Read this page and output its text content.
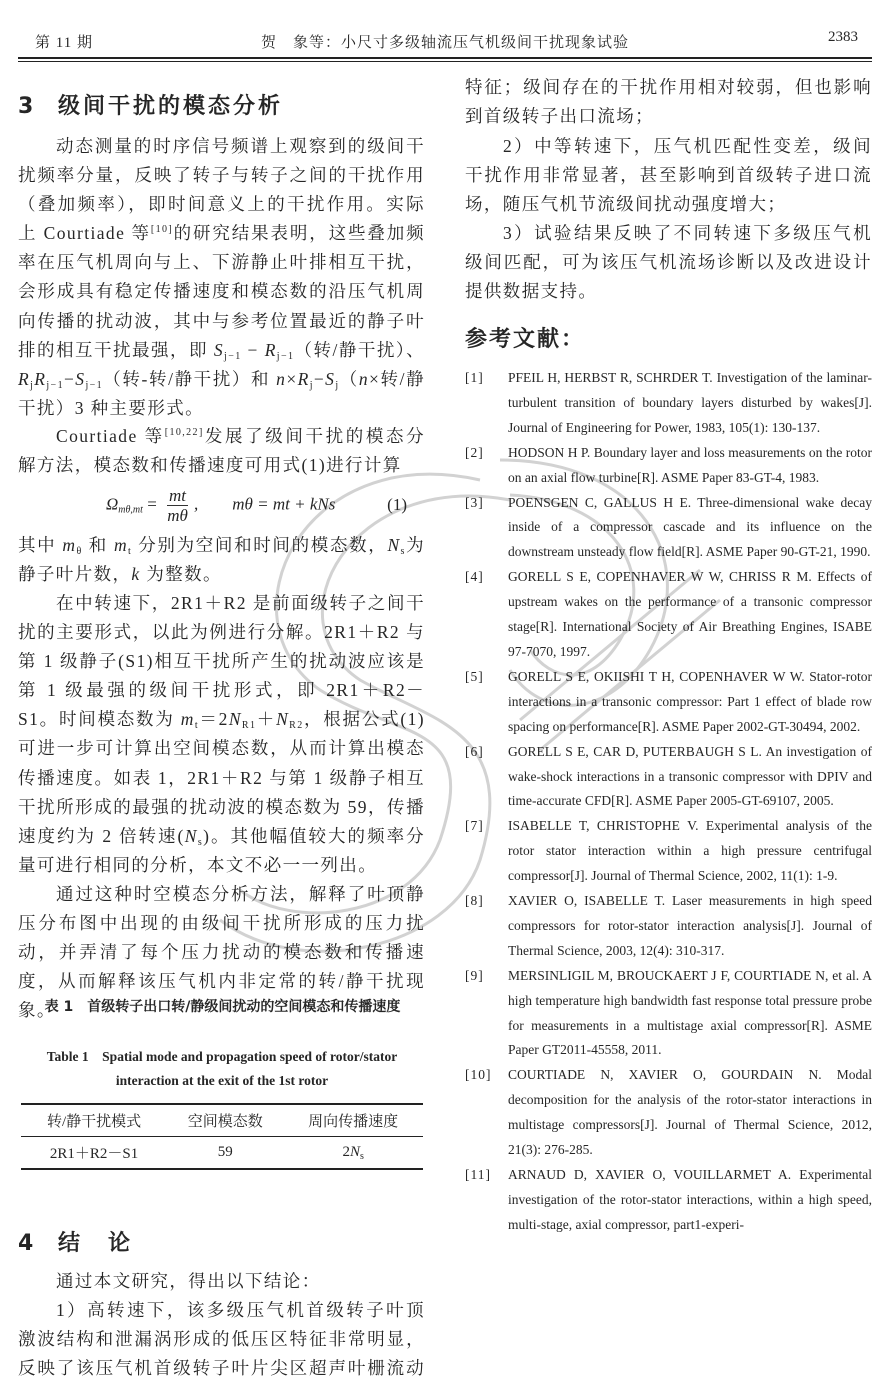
第 11 期	贺　象等：小尺寸多级轴流压气机级间干扰现象试验	2383
3 级间干扰的模态分析

动态测量的时序信号频谱上观察到的级间干扰频率分量，反映了转子与转子之间的干扰作用（叠加频率），即时间意义上的干扰作用。实际上 Courtiade 等[10]的研究结果表明，这些叠加频率在压气机周向与上、下游静止叶排相互干扰，会形成具有稳定传播速度和模态数的沿压气机周向传播的扰动波，其中与参考位置最近的静子叶排的相互干扰最强，即 $S_{j-1} - R_{j-1}$（转/静干扰）、$R_jR_{j-1}-S_{j-1}$（转-转/静干扰）和 $n\times R_j-S_j(n\times$转/静干扰）3 种主要形式。

Courtiade 等[10,22]发展了级间干扰的模态分解方法，模态数和传播速度可用式(1)进行计算

$\Omega_{m\theta,mt} = \frac{mt}{m\theta}$ ,　　mθ = mt + kNs	(1)

其中 $m_\theta$ 和 $m_t$ 分别为空间和时间的模态数，$N_s$为静子叶片数，k 为整数。

在中转速下，2R1＋R2 是前面级转子之间干扰的主要形式，以此为例进行分解。2R1＋R2 与第 1 级静子(S1)相互干扰所产生的扰动波应该是第 1 级最强的级间干扰形式，即 2R1＋R2－S1。时间模态数为 $m_t=2N_{R1}+N_{R2}$，根据公式(1)可进一步可计算出空间模态数，从而计算出模态传播速度。如表 1，2R1＋R2 与第 1 级静子相互干扰所形成的最强的扰动波的模态数为 59，传播速度约为 2 倍转速$(N_s)$。其他幅值较大的频率分量可进行相同的分析，本文不必一一列出。

通过这种时空模态分析方法，解释了叶顶静压分布图中出现的由级间干扰所形成的压力扰动，并弄清了每个压力扰动的模态数和传播速度，从而解释该压气机内非定常的转/静干扰现象。

表 1　首级转子出口转/静级间扰动的空间模态和传播速度
Table 1　Spatial mode and propagation speed of rotor/stator interaction at the exit of the 1st rotor
转/静干扰模式	空间模态数	周向传播速度
2R1＋R2－S1	59	$2N_s$
4 结　论

通过本文研究，得出以下结论：

1）高转速下，该多级压气机首级转子叶顶激波结构和泄漏涡形成的低压区特征非常明显，反映了该压气机首级转子叶片尖区超声叶栅流动

特征；级间存在的干扰作用相对较弱，但也影响到首级转子出口流场；

2）中等转速下，压气机匹配性变差，级间干扰作用非常显著，甚至影响到首级转子进口流场，随压气机节流级间扰动强度增大；

3）试验结果反映了不同转速下多级压气机级间匹配，可为该压气机流场诊断以及改进设计提供数据支持。

参考文献：
[1]	PFEIL H, HERBST R, SCHRDER T. Investigation of the laminar-turbulent transition of boundary layers disturbed by wakes[J]. Journal of Engineering for Power, 1983, 105(1): 130-137.
[2]	HODSON H P. Boundary layer and loss measurements on the rotor on an axial flow turbine[R]. ASME Paper 83-GT-4, 1983.
[3]	POENSGEN C, GALLUS H E. Three-dimensional wake decay inside of a compressor cascade and its influence on the downstream unsteady flow field[R]. ASME Paper 90-GT-21, 1990.
[4]	GORELL S E, COPENHAVER W W, CHRISS R M. Effects of upstream wakes on the performance of a transonic compressor stage[R]. International Society of Air Breathing Engines, ISABE 97-7070, 1997.
[5]	GORELL S E, OKIISHI T H, COPENHAVER W W. Stator-rotor interactions in a transonic compressor: Part 1 effect of blade row spacing on performance[R]. ASME Paper 2002-GT-30494, 2002.
[6]	GORELL S E, CAR D, PUTERBAUGH S L. An investigation of wake-shock interactions in a transonic compressor with DPIV and time-accurate CFD[R]. ASME Paper 2005-GT-69107, 2005.
[7]	ISABELLE T, CHRISTOPHE V. Experimental analysis of the rotor stator interaction within a high pressure centrifugal compressor[J]. Journal of Thermal Science, 2002, 11(1): 1-9.
[8]	XAVIER O, ISABELLE T. Laser measurements in high speed compressors for rotor-stator interaction analysis[J]. Journal of Thermal Science, 2003, 12(4): 310-317.
[9]	MERSINLIGIL M, BROUCKAERT J F, COURTIADE N, et al. A high temperature high bandwidth fast response total pressure probe for measurements in a multistage axial compressor[R]. ASME Paper GT2011-45558, 2011.
[10]	COURTIADE N, XAVIER O, GOURDAIN N. Modal decomposition for the analysis of the rotor-stator interactions in multistage compressors[J]. Journal of Thermal Science, 2012, 21(3): 276-285.
[11]	ARNAUD D, XAVIER O, VOUILLARMET A. Experimental investigation of the rotor-stator interactions, within a high speed, multi-stage, axial compressor, part1-experi-
